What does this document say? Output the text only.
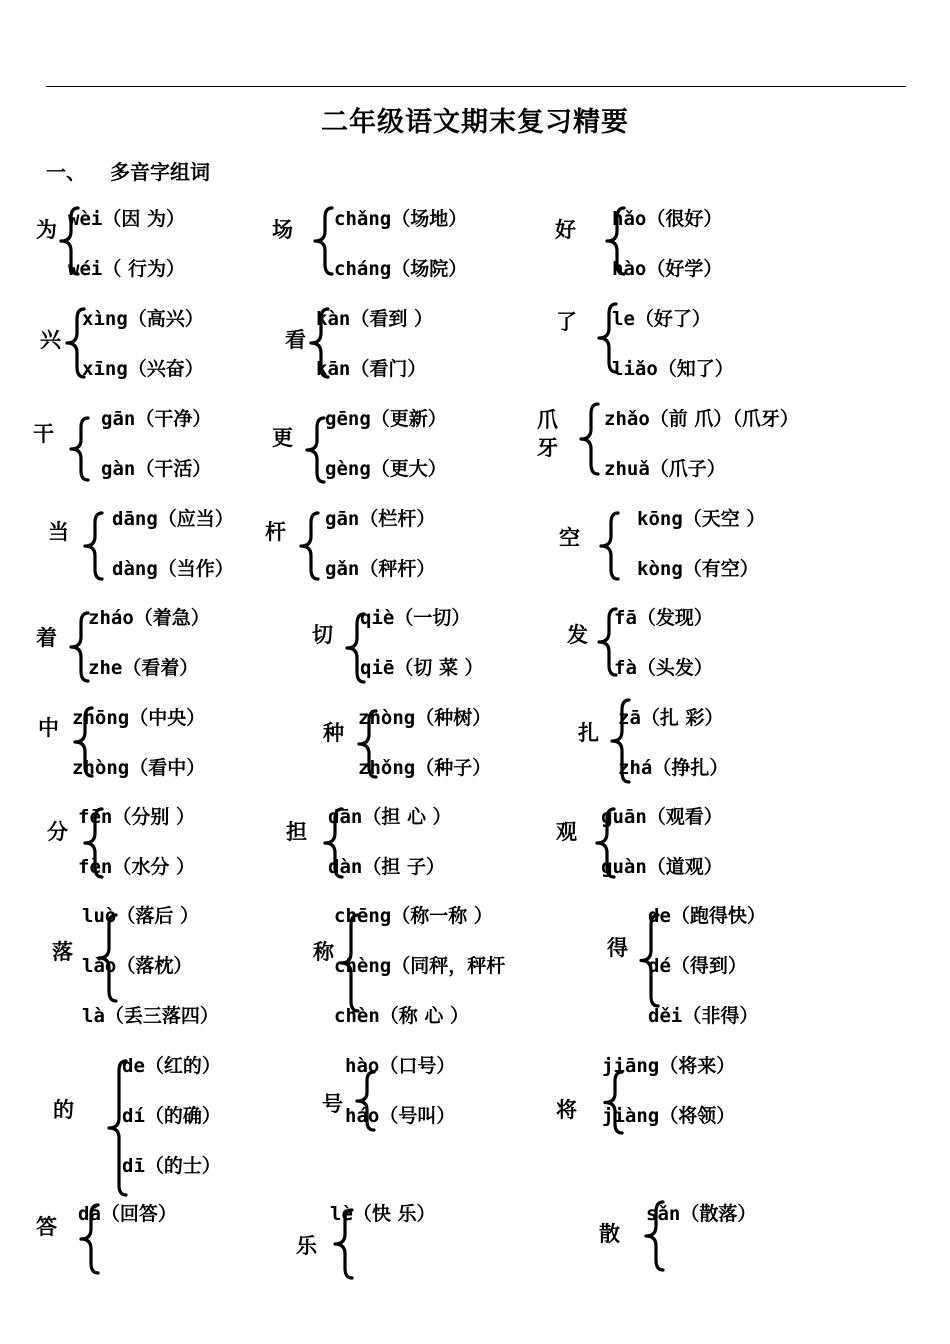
二年级语文期末复习精要
一、 多音字组词
为 wèi（因 为）
wéi（ 行为）
场 chǎng（场地）
cháng（场院）
好 hǎo（很好）
hào（好学）
兴
xìng（高兴）
xīng（兴奋）
看
kàn（看到 ）
kān（看门）
了 le（好了）
liǎo（知了）
干
gān（干净）
gàn（干活）
更
gēng（更新）
gèng（更大）
爪牙
zhǎo（前 爪）（爪牙）
zhuǎ（爪子）
当
dāng（应当）
dàng（当作）
杆
gān（栏杆）
gǎn（秤杆）
空
kōng（天空 ）
kòng（有空）
着
zháo（着急）
zhe（看着）
切
qiè（一切）
qiē（切 菜 ）
发
fā（发现）
fà（头发）
中 zhōng（中央）
zhòng（看中）
种
zhòng（种树）
zhǒng（种子）
扎
zā（扎 彩）
zhá（挣扎）
分
fēn（分别 ）
fèn（水分 ）
担
dān（担 心 ）
dàn（担 子）
观
guān（观看）
guàn（道观）
落
luò（落后 ）
lào（落枕）
là（丢三落四）
称
chēng（称一称 ）
chèng（同秤，秤杆
chèn（称 心 ）
得
de（跑得快）
dé（得到）
děi（非得）
的
de（红的）
dí（的确）
dī（的士）
号
hào（口号）
háo（号叫）	将
jiāng（将来）
jiàng（将领）
答
dá（回答）
乐
lè（快 乐）
散
sǎn（散落）
